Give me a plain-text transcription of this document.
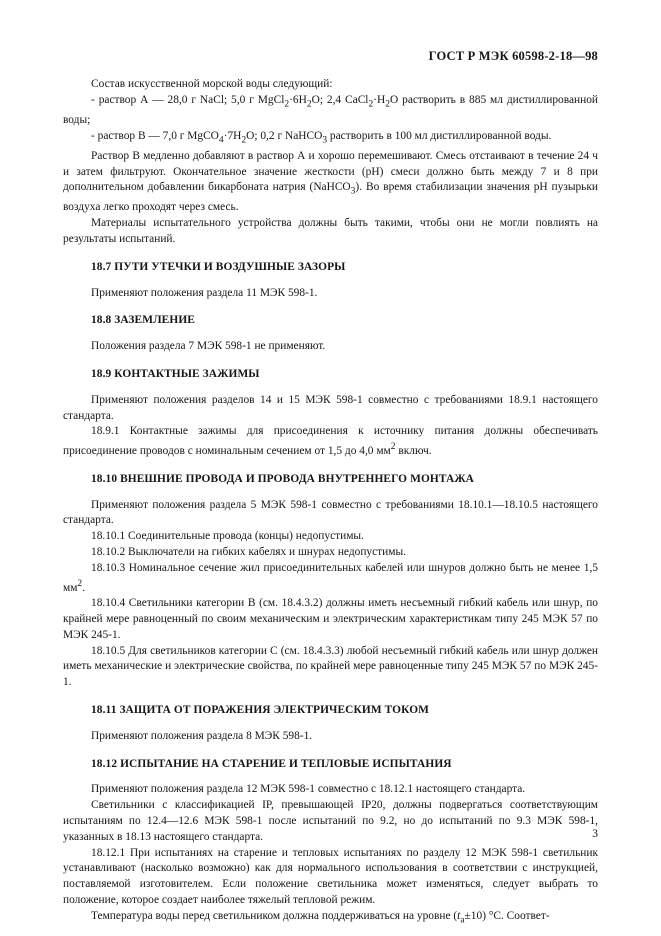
ГОСТ Р МЭК 60598-2-18—98

Состав искусственной морской воды следующий:

- раствор А — 28,0 г NaCl; 5,0 г $MgCl_2\cdot 6H_2O$; 2,4 $CaCl_2\cdot H_2O$ растворить в 885 мл дистиллированной воды;

- раствор В — 7,0 г $MgCO_4\cdot 7H_2O$; 0,2 г NaHCO$_3$ растворить в 100 мл дистиллированной воды.

Раствор В медленно добавляют в раствор А и хорошо перемешивают. Смесь отстаивают в течение 24 ч и затем фильтруют. Окончательное значение жесткости (pH) смеси должно быть между 7 и 8 при дополнительном добавлении бикарбоната натрия (NaHCO$_3$). Во время стабилизации значения pH пузырьки воздуха легко проходят через смесь.

Материалы испытательного устройства должны быть такими, чтобы они не могли повлиять на результаты испытаний.

18.7 ПУТИ УТЕЧКИ И ВОЗДУШНЫЕ ЗАЗОРЫ

Применяют положения раздела 11 МЭК 598-1.

18.8 ЗАЗЕМЛЕНИЕ

Положения раздела 7 МЭК 598-1 не применяют.

18.9 КОНТАКТНЫЕ ЗАЖИМЫ

Применяют положения разделов 14 и 15 МЭК 598-1 совместно с требованиями 18.9.1 настоящего стандарта.

18.9.1 Контактные зажимы для присоединения к источнику питания должны обеспечивать присоединение проводов с номинальным сечением от 1,5 до 4,0 $мм^2$ включ.

18.10 ВНЕШНИЕ ПРОВОДА И ПРОВОДА ВНУТРЕННЕГО МОНТАЖА

Применяют положения раздела 5 МЭК 598-1 совместно с требованиями 18.10.1—18.10.5 настоящего стандарта.

18.10.1 Соединительные провода (концы) недопустимы.

18.10.2 Выключатели на гибких кабелях и шнурах недопустимы.

18.10.3 Номинальное сечение жил присоединительных кабелей или шнуров должно быть не менее 1,5 $мм^2$.

18.10.4 Светильники категории В (см. 18.4.3.2) должны иметь несъемный гибкий кабель или шнур, по крайней мере равноценный по своим механическим и электрическим характеристикам типу 245 МЭК 57 по МЭК 245-1.

18.10.5 Для светильников категории С (см. 18.4.3.3) любой несъемный гибкий кабель или шнур должен иметь механические и электрические свойства, по крайней мере равноценные типу 245 МЭК 57 по МЭК 245-1.

18.11 ЗАЩИТА ОТ ПОРАЖЕНИЯ ЭЛЕКТРИЧЕСКИМ ТОКОМ

Применяют положения раздела 8 МЭК 598-1.

18.12 ИСПЫТАНИЕ НА СТАРЕНИЕ И ТЕПЛОВЫЕ ИСПЫТАНИЯ

Применяют положения раздела 12 МЭК 598-1 совместно с 18.12.1 настоящего стандарта.

Светильники с классификацией IP, превышающей IP20, должны подвергаться соответствующим испытаниям по 12.4—12.6 МЭК 598-1 после испытаний по 9.2, но до испытаний по 9.3 МЭК 598-1, указанных в 18.13 настоящего стандарта.

18.12.1 При испытаниях на старение и тепловых испытаниях по разделу 12 МЭК 598-1 светильник устанавливают (насколько возможно) как для нормального использования в соответствии с инструкцией, поставляемой изготовителем. Если положение светильника может изменяться, следует выбрать то положение, которое создает наиболее тяжелый тепловой режим.

Температура воды перед светильником должна поддерживаться на уровне $(t_a\pm 10)$ °С. Соответ-

3
